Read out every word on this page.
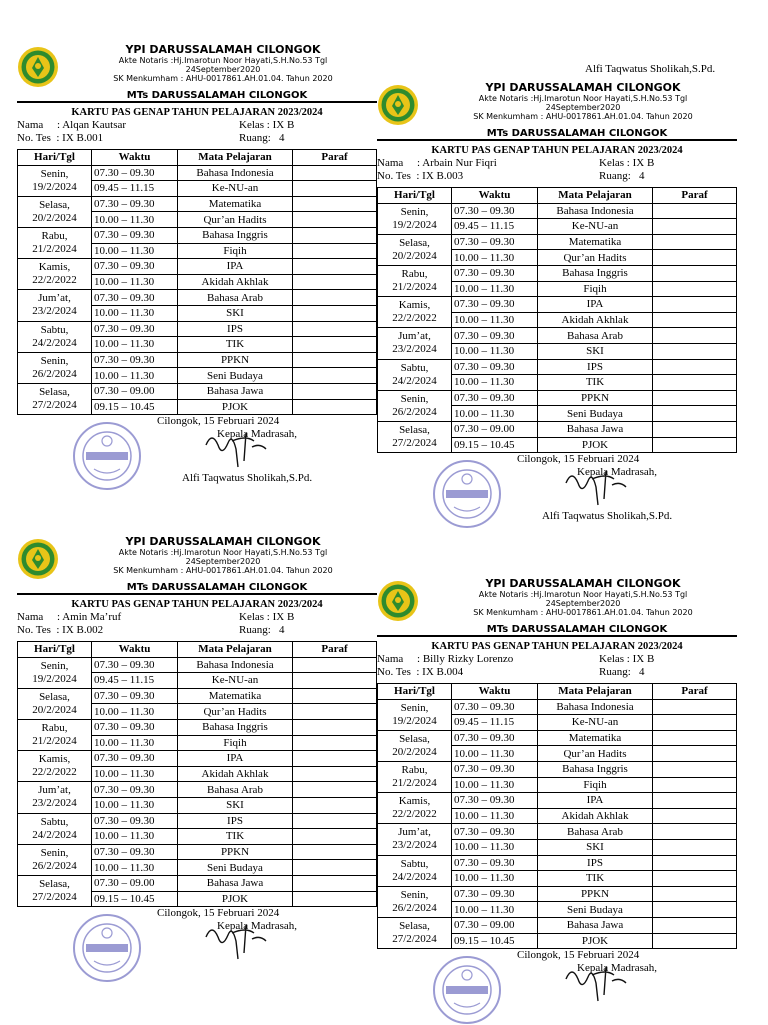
Alfi Taqwatus Sholikah,S.Pd.
YPI DARUSSALAMAH CILONGOK
Akte Notaris :Hj.Imarotun Noor Hayati,S.H.No.53 Tgl
24September2020
SK Menkumham : AHU-0017861.AH.01.04. Tahun 2020
MTs DARUSSALAMAH CILONGOK
KARTU PAS GENAP TAHUN PELAJARAN 2023/2024
Nama : Alqan Kautsar	Kelas : IX B
No. Tes : IX B.001	Ruang: 4
Hari/Tgl	Waktu	Mata Pelajaran	Paraf

Senin,
19/2/2024	07.30 – 09.30	Bahasa Indonesia	
	09.45 – 11.15	Ke-NU-an	

Selasa,
20/2/2024	07.30 – 09.30	Matematika	
	10.00 – 11.30	Qur’an Hadits	

Rabu,
21/2/2024	07.30 – 09.30	Bahasa Inggris	
	10.00 – 11.30	Fiqih	

Kamis,
22/2/2022	07.30 – 09.30	IPA	
	10.00 – 11.30	Akidah Akhlak	

Jum’at,
23/2/2024	07.30 – 09.30	Bahasa Arab	
	10.00 – 11.30	SKI	

Sabtu,
24/2/2024	07.30 – 09.30	IPS	
	10.00 – 11.30	TIK	

Senin,
26/2/2024	07.30 – 09.30	PPKN	
	10.00 – 11.30	Seni Budaya	

Selasa,
27/2/2024	07.30 – 09.00	Bahasa Jawa	
	09.15 – 10.45	PJOK	
Cilongok, 15 Februari 2024
Kepala Madrasah,
Alfi Taqwatus Sholikah,S.Pd.
YPI DARUSSALAMAH CILONGOK
Akte Notaris :Hj.Imarotun Noor Hayati,S.H.No.53 Tgl
24September2020
SK Menkumham : AHU-0017861.AH.01.04. Tahun 2020
MTs DARUSSALAMAH CILONGOK
KARTU PAS GENAP TAHUN PELAJARAN 2023/2024
Nama : Arbain Nur Fiqri	Kelas : IX B
No. Tes : IX B.003	Ruang: 4
Hari/Tgl	Waktu	Mata Pelajaran	Paraf

Senin,
19/2/2024	07.30 – 09.30	Bahasa Indonesia	
	09.45 – 11.15	Ke-NU-an	

Selasa,
20/2/2024	07.30 – 09.30	Matematika	
	10.00 – 11.30	Qur’an Hadits	

Rabu,
21/2/2024	07.30 – 09.30	Bahasa Inggris	
	10.00 – 11.30	Fiqih	

Kamis,
22/2/2022	07.30 – 09.30	IPA	
	10.00 – 11.30	Akidah Akhlak	

Jum’at,
23/2/2024	07.30 – 09.30	Bahasa Arab	
	10.00 – 11.30	SKI	

Sabtu,
24/2/2024	07.30 – 09.30	IPS	
	10.00 – 11.30	TIK	

Senin,
26/2/2024	07.30 – 09.30	PPKN	
	10.00 – 11.30	Seni Budaya	

Selasa,
27/2/2024	07.30 – 09.00	Bahasa Jawa	
	09.15 – 10.45	PJOK	
Cilongok, 15 Februari 2024
Kepala Madrasah,
Alfi Taqwatus Sholikah,S.Pd.
YPI DARUSSALAMAH CILONGOK
Akte Notaris :Hj.Imarotun Noor Hayati,S.H.No.53 Tgl
24September2020
SK Menkumham : AHU-0017861.AH.01.04. Tahun 2020
MTs DARUSSALAMAH CILONGOK
KARTU PAS GENAP TAHUN PELAJARAN 2023/2024
Nama : Amin Ma’ruf	Kelas : IX B
No. Tes : IX B.002	Ruang: 4
Hari/Tgl	Waktu	Mata Pelajaran	Paraf

Senin,
19/2/2024	07.30 – 09.30	Bahasa Indonesia	
	09.45 – 11.15	Ke-NU-an	

Selasa,
20/2/2024	07.30 – 09.30	Matematika	
	10.00 – 11.30	Qur’an Hadits	

Rabu,
21/2/2024	07.30 – 09.30	Bahasa Inggris	
	10.00 – 11.30	Fiqih	

Kamis,
22/2/2022	07.30 – 09.30	IPA	
	10.00 – 11.30	Akidah Akhlak	

Jum’at,
23/2/2024	07.30 – 09.30	Bahasa Arab	
	10.00 – 11.30	SKI	

Sabtu,
24/2/2024	07.30 – 09.30	IPS	
	10.00 – 11.30	TIK	

Senin,
26/2/2024	07.30 – 09.30	PPKN	
	10.00 – 11.30	Seni Budaya	

Selasa,
27/2/2024	07.30 – 09.00	Bahasa Jawa	
	09.15 – 10.45	PJOK	
Cilongok, 15 Februari 2024
Kepala Madrasah,
YPI DARUSSALAMAH CILONGOK
Akte Notaris :Hj.Imarotun Noor Hayati,S.H.No.53 Tgl
24September2020
SK Menkumham : AHU-0017861.AH.01.04. Tahun 2020
MTs DARUSSALAMAH CILONGOK
KARTU PAS GENAP TAHUN PELAJARAN 2023/2024
Nama : Billy Rizky Lorenzo	Kelas : IX B
No. Tes : IX B.004	Ruang: 4
Hari/Tgl	Waktu	Mata Pelajaran	Paraf

Senin,
19/2/2024	07.30 – 09.30	Bahasa Indonesia	
	09.45 – 11.15	Ke-NU-an	

Selasa,
20/2/2024	07.30 – 09.30	Matematika	
	10.00 – 11.30	Qur’an Hadits	

Rabu,
21/2/2024	07.30 – 09.30	Bahasa Inggris	
	10.00 – 11.30	Fiqih	

Kamis,
22/2/2022	07.30 – 09.30	IPA	
	10.00 – 11.30	Akidah Akhlak	

Jum’at,
23/2/2024	07.30 – 09.30	Bahasa Arab	
	10.00 – 11.30	SKI	

Sabtu,
24/2/2024	07.30 – 09.30	IPS	
	10.00 – 11.30	TIK	

Senin,
26/2/2024	07.30 – 09.30	PPKN	
	10.00 – 11.30	Seni Budaya	

Selasa,
27/2/2024	07.30 – 09.00	Bahasa Jawa	
	09.15 – 10.45	PJOK	
Cilongok, 15 Februari 2024
Kepala Madrasah,
